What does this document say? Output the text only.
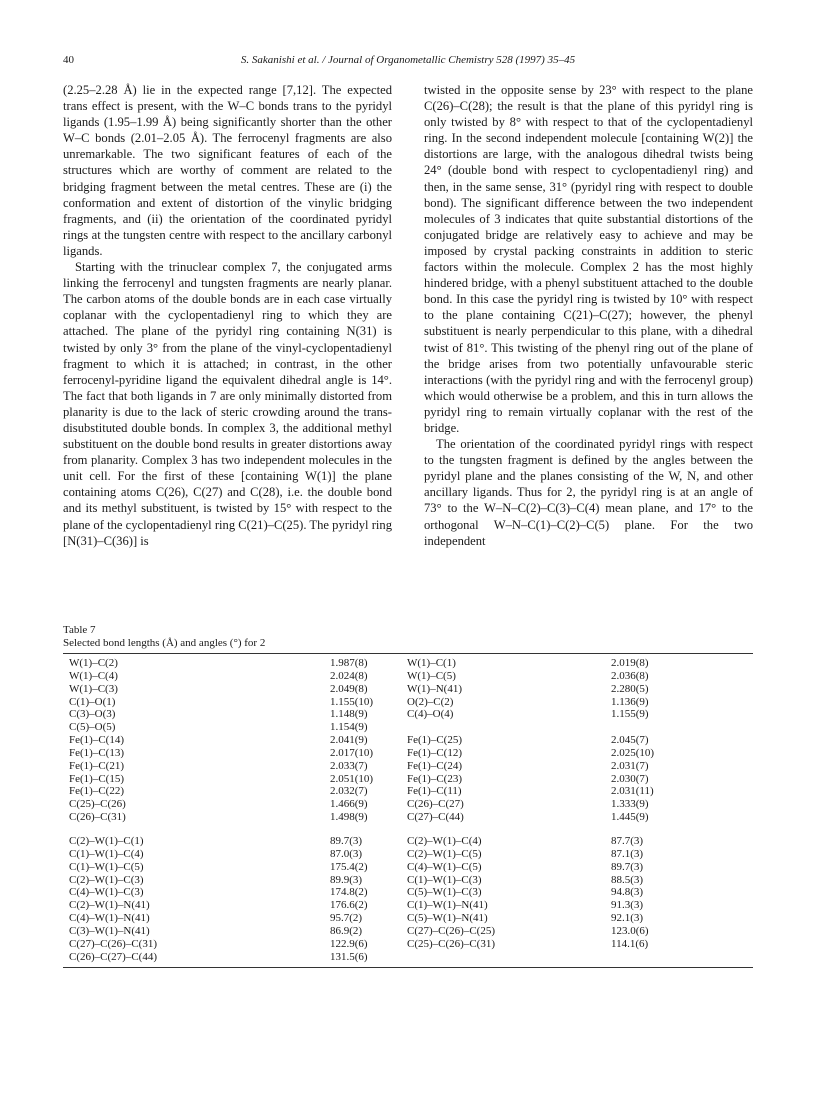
40	S. Sakanishi et al. / Journal of Organometallic Chemistry 528 (1997) 35–45

(2.25–2.28 Å) lie in the expected range [7,12]. The expected trans effect is present, with the W–C bonds trans to the pyridyl ligands (1.95–1.99 Å) being significantly shorter than the other W–C bonds (2.01–2.05 Å). The ferrocenyl fragments are also unremarkable. The two significant features of each of the structures which are worthy of comment are related to the bridging fragment between the metal centres. These are (i) the conformation and extent of distortion of the vinylic bridging fragments, and (ii) the orientation of the coordinated pyridyl rings at the tungsten centre with respect to the ancillary carbonyl ligands.

Starting with the trinuclear complex 7, the conjugated arms linking the ferrocenyl and tungsten fragments are nearly planar. The carbon atoms of the double bonds are in each case virtually coplanar with the cyclopentadienyl ring to which they are attached. The plane of the pyridyl ring containing N(31) is twisted by only 3° from the plane of the vinyl-cyclopentadienyl fragment to which it is attached; in contrast, in the other ferrocenyl-pyridine ligand the equivalent dihedral angle is 14°. The fact that both ligands in 7 are only minimally distorted from planarity is due to the lack of steric crowding around the trans-disubstituted double bonds. In complex 3, the additional methyl substituent on the double bond results in greater distortions away from planarity. Complex 3 has two independent molecules in the unit cell. For the first of these [containing W(1)] the plane containing atoms C(26), C(27) and C(28), i.e. the double bond and its methyl substituent, is twisted by 15° with respect to the plane of the cyclopentadienyl ring C(21)–C(25). The pyridyl ring [N(31)–C(36)] is

twisted in the opposite sense by 23° with respect to the plane C(26)–C(28); the result is that the plane of this pyridyl ring is only twisted by 8° with respect to that of the cyclopentadienyl ring. In the second independent molecule [containing W(2)] the distortions are large, with the analogous dihedral twists being 24° (double bond with respect to cyclopentadienyl ring) and then, in the same sense, 31° (pyridyl ring with respect to double bond). The significant difference between the two independent molecules of 3 indicates that quite substantial distortions of the conjugated bridge are relatively easy to achieve and may be imposed by crystal packing constraints in addition to steric factors within the molecule. Complex 2 has the most highly hindered bridge, with a phenyl substituent attached to the double bond. In this case the pyridyl ring is twisted by 10° with respect to the plane containing C(21)–C(27); however, the phenyl substituent is nearly perpendicular to this plane, with a dihedral twist of 81°. This twisting of the phenyl ring out of the plane of the bridge arises from two potentially unfavourable steric interactions (with the pyridyl ring and with the ferrocenyl group) which would otherwise be a problem, and this in turn allows the pyridyl ring to remain virtually coplanar with the rest of the bridge.

The orientation of the coordinated pyridyl rings with respect to the tungsten fragment is defined by the angles between the pyridyl plane and the planes consisting of the W, N, and other ancillary ligands. Thus for 2, the pyridyl ring is at an angle of 73° to the W–N–C(2)–C(3)–C(4) mean plane, and 17° to the orthogonal W–N–C(1)–C(2)–C(5) plane. For the two independent

Table 7
Selected bond lengths (Å) and angles (°) for 2
W(1)–C(2)	1.987(8)	W(1)–C(1)	2.019(8)
W(1)–C(4)	2.024(8)	W(1)–C(5)	2.036(8)
W(1)–C(3)	2.049(8)	W(1)–N(41)	2.280(5)
C(1)–O(1)	1.155(10)	O(2)–C(2)	1.136(9)
C(3)–O(3)	1.148(9)	C(4)–O(4)	1.155(9)
C(5)–O(5)	1.154(9)		
Fe(1)–C(14)	2.041(9)	Fe(1)–C(25)	2.045(7)
Fe(1)–C(13)	2.017(10)	Fe(1)–C(12)	2.025(10)
Fe(1)–C(21)	2.033(7)	Fe(1)–C(24)	2.031(7)
Fe(1)–C(15)	2.051(10)	Fe(1)–C(23)	2.030(7)
Fe(1)–C(22)	2.032(7)	Fe(1)–C(11)	2.031(11)
C(25)–C(26)	1.466(9)	C(26)–C(27)	1.333(9)
C(26)–C(31)	1.498(9)	C(27)–C(44)	1.445(9)

C(2)–W(1)–C(1)	89.7(3)	C(2)–W(1)–C(4)	87.7(3)
C(1)–W(1)–C(4)	87.0(3)	C(2)–W(1)–C(5)	87.1(3)
C(1)–W(1)–C(5)	175.4(2)	C(4)–W(1)–C(5)	89.7(3)
C(2)–W(1)–C(3)	89.9(3)	C(1)–W(1)–C(3)	88.5(3)
C(4)–W(1)–C(3)	174.8(2)	C(5)–W(1)–C(3)	94.8(3)
C(2)–W(1)–N(41)	176.6(2)	C(1)–W(1)–N(41)	91.3(3)
C(4)–W(1)–N(41)	95.7(2)	C(5)–W(1)–N(41)	92.1(3)
C(3)–W(1)–N(41)	86.9(2)	C(27)–C(26)–C(25)	123.0(6)
C(27)–C(26)–C(31)	122.9(6)	C(25)–C(26)–C(31)	114.1(6)
C(26)–C(27)–C(44)	131.5(6)		
